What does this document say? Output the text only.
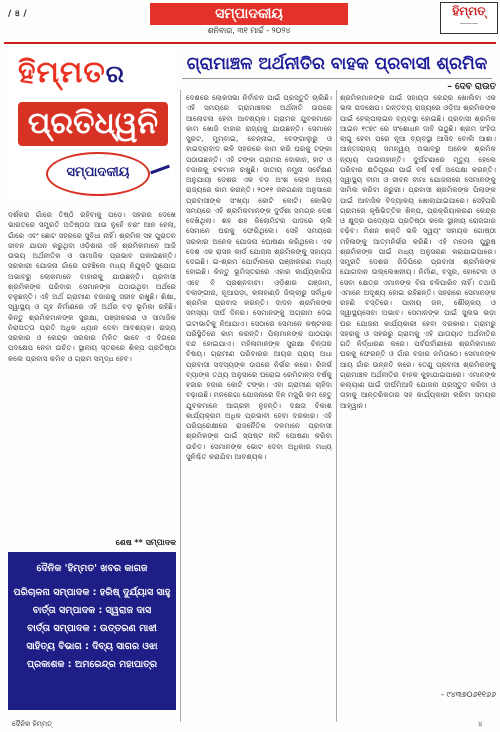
/ ৪ /	ସମ୍ପାଦକୀୟ
ଶନିବାର, ୩୧ ମାର୍ଚ୍ଚ - ୨୦୨୪
ହିମ୍ମତ୍
———
ହିମ୍ମତର
ପ୍ରତିଧ୍ୱନି
ସମ୍ପାଦକୀୟ
ଗ୍ରାମାଞ୍ଚଳ ଅର୍ଥନୀତିର ବାହକ ପ୍ରବାସୀ ଶ୍ରମିକ
– ଦେବ ରାଉତ
ଦର୍ଶକରା ଗାଁରେ ତିଷ୍ଠି ରହିବାକୁ ପଡ଼େ। ସହରର ଦେଖେ ଭାରତରେ ସମ୍ପ୍ରତି ଅତିଷ୍ଠତା ଆଉ ନୁହେଁ ବରଂ ଆନ ହେଲା, ଗାଁରେ ଏବଂ ଛୋଟ ସହରରେ ସୁବିଧା ନାହିଁ। ଶ୍ରମିକ ସହ ପୁରାତନ ଜୀବନ ଯାପନ କରୁଥିବା ଓଡ଼ିଶାର ଏହି ଶ୍ରମିକମାନେ ଆଜି ଉଭୟ ଅର୍ଥନୀତିକ ଓ ସାମାଜିକ ପ୍ରଭାବ ପକାଉଛନ୍ତି। ସରକାରୀ ଯୋଜନା ଗାଁରେ ପହଞ୍ଚିଲେ ମଧ୍ୟ ନିଯୁକ୍ତି ସୁଯୋଗ ଅଭାବରୁ ଲୋକମାନେ ବାହାରକୁ ଯାଉଛନ୍ତି। ପ୍ରବାସୀ ଶ୍ରମିକଙ୍କ ପରିବାର ସେମାନଙ୍କ ପଠାଉଥିବା ଅର୍ଥରେ ଚଳୁଛନ୍ତି। ଏହି ଅର୍ଥ ଗ୍ରାମୀଣ ବଜାରକୁ ସଜୀବ ରଖୁଛି। ଶିକ୍ଷା, ସ୍ୱାସ୍ଥ୍ୟ ଓ ଗୃହ ନିର୍ମାଣରେ ଏହି ଅର୍ଥର ବଡ଼ ଭୂମିକା ରହିଛି। କିନ୍ତୁ ଶ୍ରମିକମାନଙ୍କ ସୁରକ୍ଷା, ପଞ୍ଜୀକରଣ ଓ ସାମାଜିକ ନିରାପତ୍ତା ପ୍ରତି ଅଧିକ ଧ୍ୟାନ ଦେବା ଆବଶ୍ୟକ। ରାଜ୍ୟ ସରକାର ଓ କେନ୍ଦ୍ର ସରକାର ମିଳିତ ଭାବେ ଏ ଦିଗରେ ପଦକ୍ଷେପ ନେବା ଉଚିତ। ସ୍ଥାନୀୟ ସ୍ତରରେ ଶିଳ୍ପ ପ୍ରତିଷ୍ଠା କଲେ ପ୍ରବାସ କମିବ ଓ ଗ୍ରାମ ସମୃଦ୍ଧ ହେବ।
ଶେଷ ** ସମ୍ପାଦକ
ଦୈନିକ 'ହିମ୍ମତ' ଖବର କାଗଜ
ପରିଚାଳନା ସମ୍ପାଦକ : ହରିଷ୍ ଦୁର୍ଯ୍ୟାସ ସାହୁ
ବାର୍ତ୍ତା ସମ୍ପାଦକ : ସ୍ୱରାଜ ଦାସ
ବାର୍ତ୍ତା ସମ୍ପାଦକ : ଉତ୍ତରଣ ମାଝୀ
ସାହିତ୍ୟ ବିଭାଗ : ଦିବ୍ୟ ସାଗର ଓଝା
ପ୍ରକାଶକ : ଅମରେନ୍ଦ୍ର ମହାପାତ୍ର
ଦେଶରେ ଲୋକସଭା ନିର୍ବାଚନ ପାଇଁ ପ୍ରସ୍ତୁତି ଚାଲିଛି। ଏହି ସମୟରେ ଗ୍ରାମାଞ୍ଚଳର ଅର୍ଥନୀତି ଉପରେ ଆଲୋଚନା ହେବା ଆବଶ୍ୟକ। ଗ୍ରାମର ଯୁବକମାନେ କାମ ଖୋଜି ବାହାର ରାଜ୍ୟକୁ ଯାଉଛନ୍ତି। ସେମାନେ ସୁରଟ, ମୁମ୍ବାଇ, ଚେନ୍ନାଇ, ବେଙ୍ଗାଲୁରୁ ଓ ହାଇଦ୍ରାବାଦ ଭଳି ସହରରେ କାମ କରି ଘରକୁ ଟଙ୍କା ପଠାଉଛନ୍ତି। ଏହି ଟଙ୍କା ଗ୍ରାମର ଦୋକାନ, ହାଟ ଓ ବଜାରକୁ ଚଳମାନ ରଖୁଛି। ଜାତୀୟ ନମୁନା ସର୍ବେକ୍ଷଣ ଅନୁଯାୟୀ ଦେଶର ଏକ ବଡ଼ ଅଂଶ ଲୋକ ଅନ୍ୟ ରାଜ୍ୟରେ କାମ କରନ୍ତି। ୨୦୧୧ ଜନଗଣନା ଅନୁସାରେ ପ୍ରବାସୀଙ୍କ ସଂଖ୍ୟା କୋଟି କୋଟି। କୋଭିଡ଼ ସମୟରେ ଏହି ଶ୍ରମିକମାନଙ୍କ ଦୁର୍ଦଶା ସମଗ୍ର ଦେଶ ଦେଖିଥିଲା। ଶହ ଶହ କିଲୋମିଟର ପାଦରେ ଚାଲି ସେମାନେ ଘରକୁ ଫେରିଥିଲେ। ସେହି ସମୟରେ ସରକାର ଅନେକ ଯୋଜନା ଘୋଷଣା କରିଥିଲେ। ଏକ ଦେଶ ଏକ ରାସନ କାର୍ଡ ଯୋଜନା ଶ୍ରମିକଙ୍କୁ ସହାୟତା ଦେଇଛି। ଇ-ଶ୍ରମ ପୋର୍ଟାଲରେ ପଞ୍ଜୀକରଣ ମଧ୍ୟ ହୋଇଛି। କିନ୍ତୁ ଭୂମିସ୍ତରରେ ଏହାର କାର୍ଯ୍ୟକାରିତା ଏବେ ବି ପ୍ରଶ୍ନବାଚୀ। ଓଡ଼ିଶାର ଗଞ୍ଜାମ, ବଲାଙ୍ଗୀର, ନୂଆପଡ଼ା, କଳାହାଣ୍ଡି ଜିଲ୍ଲାରୁ ସର୍ବାଧିକ ଶ୍ରମିକ ପ୍ରବାସ କରନ୍ତି। ଦାଦନ ଶ୍ରମିକଙ୍କ ସମସ୍ୟା ଦୀର୍ଘ ଦିନର। ସେମାନଙ୍କୁ ଅଗ୍ରୀମ ଦେଇ ଇଟାଭାଟିକୁ ନିଆଯାଏ। ସେଠାରେ ସେମାନେ କଷ୍ଟକର ପରିସ୍ଥିତିରେ କାମ କରନ୍ତି। ପିଲାମାନଙ୍କ ପାଠପଢ଼ା ବନ୍ଦ ହୋଇଯାଏ। ମହିଳାମାନଙ୍କ ସୁରକ୍ଷା ଚିନ୍ତାର ବିଷୟ। ଗ୍ରାମୀଣ ପରିବାରର ଆୟର ପ୍ରାୟ ଅଧା ପ୍ରବାସୀ ସଦସ୍ୟଙ୍କ ଉପରେ ନିର୍ଭର କରେ। ରିଜର୍ଭ ବ୍ୟାଙ୍କ ତଥ୍ୟ ଅନୁସାରେ ଘରୋଇ ରେମିଟାନ୍ସ ବର୍ଷକୁ ହଜାର ହଜାର କୋଟି ଟଙ୍କା। ଏହା ଗ୍ରାମୀଣ ଚାହିଦା ବଢ଼ାଉଛି। ମନରେଗା ଯୋଜନାରେ ଦିନ ମଜୁରି କମ ହେତୁ ଯୁବକମାନେ ଆଗ୍ରହୀ ନୁହନ୍ତି। ଦକ୍ଷତା ବିକାଶ କାର୍ଯ୍ୟକ୍ରମ ଅଧିକ ପ୍ରଭାବୀ ହେବା ଦରକାର। ଏହି ପରିପ୍ରେକ୍ଷୀରେ ରାଜନୈତିକ ଦଳମାନେ ପ୍ରବାସୀ ଶ୍ରମିକଙ୍କ ପାଇଁ ସ୍ପଷ୍ଟ ନୀତି ଘୋଷଣା କରିବା ଉଚିତ। ସେମାନଙ୍କ ଭୋଟ ଦେବା ଅଧିକାର ମଧ୍ୟ ସୁନିଶ୍ଚିତ କରାଯିବା ଆବଶ୍ୟକ।
ଶ୍ରମିକମାନଙ୍କ ପାଇଁ ସହାୟତା କେନ୍ଦ୍ର ଖୋଲିବା ଏକ ଭଲ ପଦକ୍ଷେପ। ଗନ୍ତବ୍ୟ ରାଜ୍ୟରେ ଓଡ଼ିଆ ଶ୍ରମିକଙ୍କ ପାଇଁ ହେଲ୍ପଲାଇନ ବ୍ୟବସ୍ଥା ହୋଇଛି। ପ୍ରବାସୀ ଶ୍ରମିକ ଆଇନ ୧୯୭୯ ରେ ସଂଶୋଧନ ଦାବି ଉଠୁଛି। ଶ୍ରମ ସଂହିତା ଲାଗୁ ହେବା ପରେ ନୂଆ ବ୍ୟବସ୍ଥା ଆସିବ ବୋଲି ଆଶା। ଆନ୍ତଃରାଜ୍ୟ ସମନ୍ୱୟ ଅଭାବରୁ ଅନେକ ଶ୍ରମିକ ନ୍ୟାୟ ପାଉନାହାନ୍ତି। ଦୁର୍ଘଟଣାରେ ମୃତ୍ୟୁ ହେଲେ ପରିବାର କ୍ଷତିପୂରଣ ପାଇଁ ବର୍ଷ ବର୍ଷ ଅପେକ୍ଷା କରନ୍ତି। ସ୍ୱାସ୍ଥ୍ୟ ବୀମା ଓ ଜୀବନ ବୀମା ଯୋଜନାରେ ସେମାନଙ୍କୁ ସାମିଲ କରିବା ଜରୁରୀ। ପ୍ରବାସୀ ଶ୍ରମିକଙ୍କ ପିଲାଙ୍କ ପାଇଁ ଆବାସିକ ବିଦ୍ୟାଳୟ ଖୋଲାଯାଇପାରେ। ସେହିପରି ଗ୍ରାମରେ କୃଷିଭିତ୍ତିକ ଶିଳ୍ପ, ପ୍ରକ୍ରିୟାକରଣ କେନ୍ଦ୍ର ଓ କ୍ଷୁଦ୍ର ଉଦ୍ୟୋଗ ପ୍ରତିଷ୍ଠା କଲେ ସ୍ଥାନୀୟ ରୋଜଗାର ବଢ଼ିବ। ମିଶନ ଶକ୍ତି ଭଳି ସ୍ୱୟଂ ସହାୟକ ଗୋଷ୍ଠୀ ମହିଳାଙ୍କୁ ଆତ୍ମନିର୍ଭର କରିଛି। ଏହି ମଡେଲ ପୁରୁଷ ଶ୍ରମିକଙ୍କ ପାଇଁ ମଧ୍ୟ ଅନୁସରଣ କରାଯାଇପାରେ। ସମ୍ପ୍ରତି ଦେଶର ଜିଡିପିରେ ପ୍ରବାସୀ ଶ୍ରମିକଙ୍କ ଯୋଗଦାନ ଉଲ୍ଲେଖନୀୟ। ନିର୍ମାଣ, ବସ୍ତ୍ର, ହୋଟେଲ ଓ ସେବା କ୍ଷେତ୍ର ଏମାନଙ୍କ ବିନା ଚଳିପାରିବ ନାହିଁ। ତଥାପି ଏମାନେ ଅଦୃଶ୍ୟ ହୋଇ ରହିଛନ୍ତି। ସହରରେ ସେମାନଙ୍କ ରହଣି ବସ୍ତିରେ। ପାନୀୟ ଜଳ, ଶୌଚାଳୟ ଓ ସ୍ୱାସ୍ଥ୍ୟସେବା ଅଭାବ। ସେମାନଙ୍କ ପାଇଁ ସୁଲଭ ଭଡ଼ା ଘର ଯୋଜନା କାର୍ଯ୍ୟକାରୀ ହେବା ଦରକାର। ଗ୍ରାମରୁ ସହରକୁ ଓ ସହରରୁ ଗ୍ରାମକୁ ଏହି ଯାତାୟାତ ଅର୍ଥନୀତିର ଗତି ନିର୍ଦ୍ଧାରଣ କରେ। ପର୍ବପର୍ବାଣୀରେ ଶ୍ରମିକମାନେ ଘରକୁ ଫେରନ୍ତି ଓ ଗାଁର ବଜାର ଜମିଉଠେ। ସେମାନଙ୍କ ଆୟ ଗାଁର ଉନ୍ନତି କରେ। ତେଣୁ ପ୍ରବାସୀ ଶ୍ରମିକଙ୍କୁ ଗ୍ରାମାଞ୍ଚଳ ଅର୍ଥନୀତିର ବାହକ କୁହାଯାଇପାରେ। ଏମାନଙ୍କ କଲ୍ୟାଣ ପାଇଁ ଦୀର୍ଘମିଆଦି ଯୋଜନା ପ୍ରସ୍ତୁତ କରିବା ଓ ତାହାକୁ ଆନ୍ତରିକତାର ସହ କାର୍ଯ୍ୟକାରୀ କରିବା ସମୟର ଆହ୍ୱାନ।
- ୯୪୩୭୦୬୧୧୬୬
ଦୈନିକ ହିମ୍ମତ୍	୪
